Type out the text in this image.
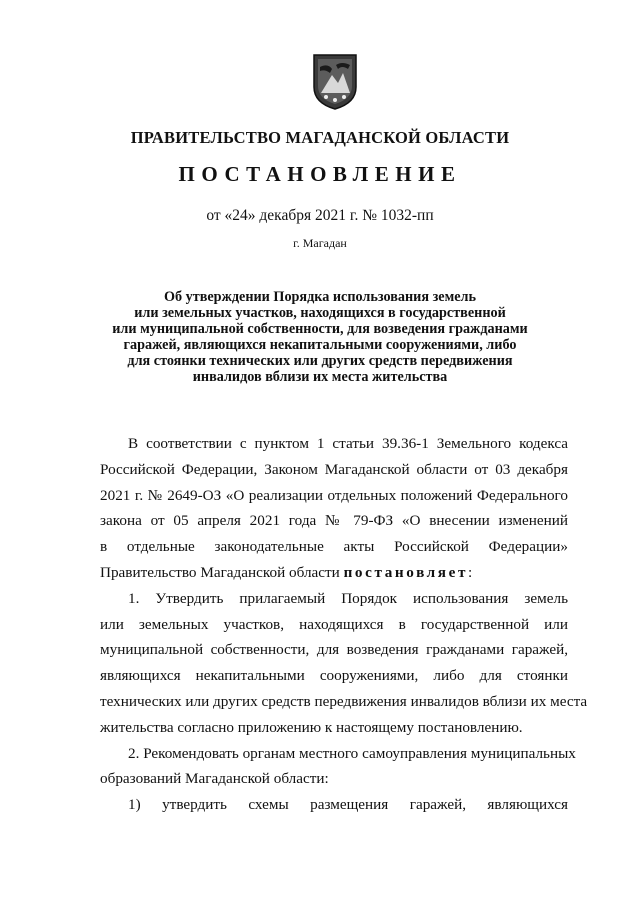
ПРАВИТЕЛЬСТВО МАГАДАНСКОЙ ОБЛАСТИ
ПОСТАНОВЛЕНИЕ
от «24» декабря 2021 г. № 1032-пп
г. Магадан
Об утверждении Порядка использования земель
или земельных участков, находящихся в государственной
или муниципальной собственности, для возведения гражданами
гаражей, являющихся некапитальными сооружениями, либо
для стоянки технических или других средств передвижения
инвалидов вблизи их места жительства
В соответствии с пунктом 1 статьи 39.36-1 Земельного кодекса
Российской Федерации, Законом Магаданской области от 03 декабря
2021 г. № 2649-ОЗ «О реализации отдельных положений Федерального
закона от 05 апреля 2021 года № 79-ФЗ «О внесении изменений
в отдельные законодательные акты Российской Федерации»
Правительство Магаданской области постановляет:
1. Утвердить прилагаемый Порядок использования земель
или земельных участков, находящихся в государственной или
муниципальной собственности, для возведения гражданами гаражей,
являющихся некапитальными сооружениями, либо для стоянки
технических или других средств передвижения инвалидов вблизи их места
жительства согласно приложению к настоящему постановлению.
2. Рекомендовать органам местного самоуправления муниципальных
образований Магаданской области:
1) утвердить схемы размещения гаражей, являющихся
